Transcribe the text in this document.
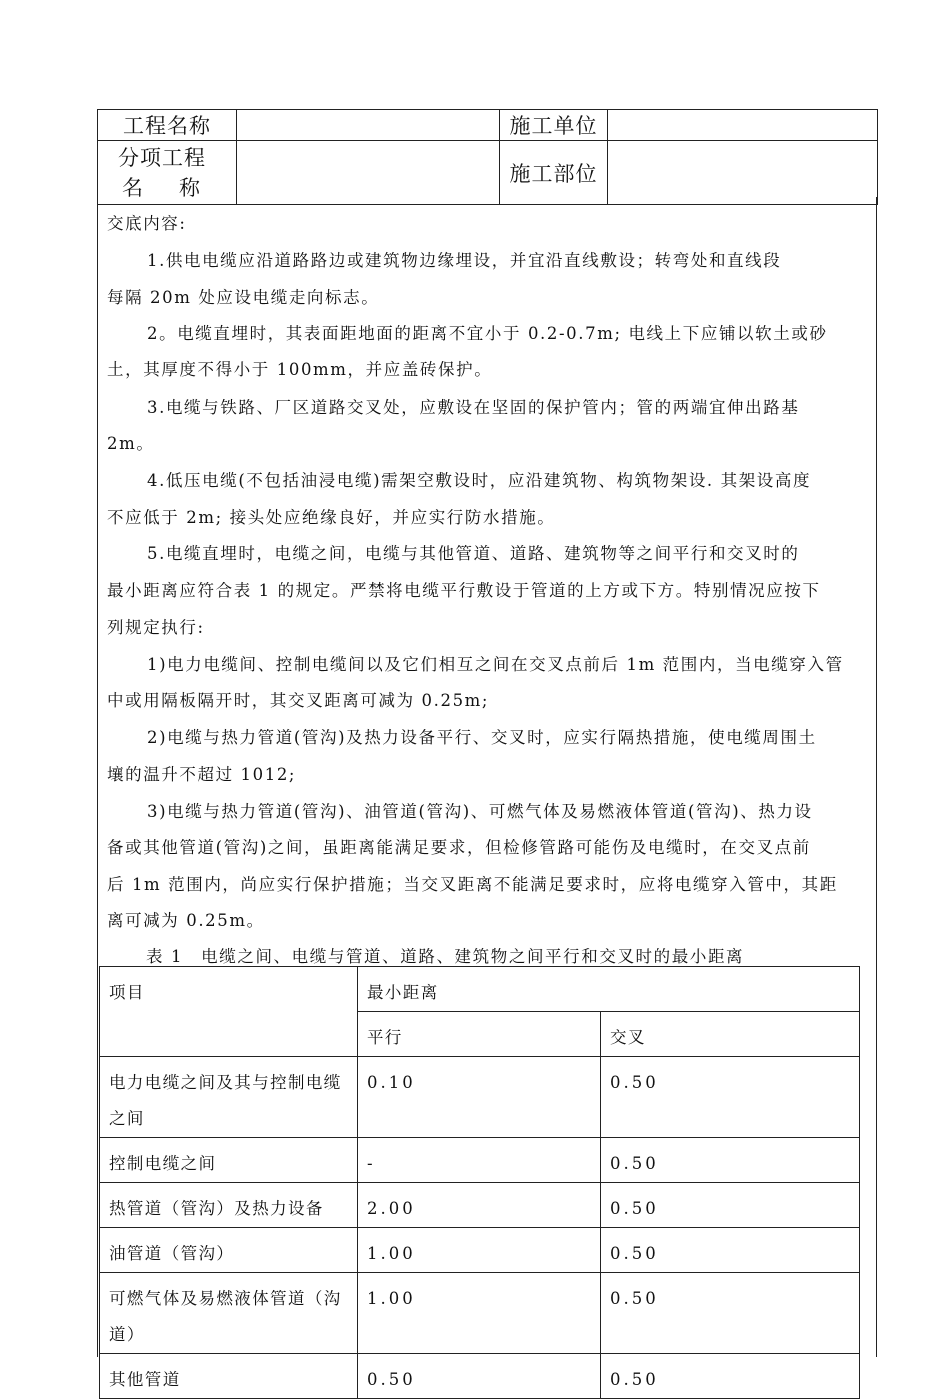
工程名称		施工单位	

分项工程
名称		施工部位	
交底内容:
1.供电电缆应沿道路路边或建筑物边缘埋设，并宜沿直线敷设；转弯处和直线段
每隔 20m 处应设电缆走向标志。
2。电缆直埋时，其表面距地面的距离不宜小于 0.2-0.7m; 电线上下应铺以软土或砂
土，其厚度不得小于 100mm，并应盖砖保护。
3.电缆与铁路、厂区道路交叉处，应敷设在坚固的保护管内；管的两端宜伸出路基
2m。
4.低压电缆(不包括油浸电缆)需架空敷设时，应沿建筑物、构筑物架设. 其架设高度
不应低于 2m; 接头处应绝缘良好，并应实行防水措施。
5.电缆直埋时，电缆之间，电缆与其他管道、道路、建筑物等之间平行和交叉时的
最小距离应符合表 1 的规定。严禁将电缆平行敷设于管道的上方或下方。特别情况应按下
列规定执行:
1)电力电缆间、控制电缆间以及它们相互之间在交叉点前后 1m 范围内，当电缆穿入管
中或用隔板隔开时，其交叉距离可减为 0.25m;
2)电缆与热力管道(管沟)及热力设备平行、交叉时，应实行隔热措施，使电缆周围土
壤的温升不超过 1012;
3)电缆与热力管道(管沟)、油管道(管沟)、可燃气体及易燃液体管道(管沟)、热力设
备或其他管道(管沟)之间，虽距离能满足要求，但检修管路可能伤及电缆时，在交叉点前
后 1m 范围内，尚应实行保护措施；当交叉距离不能满足要求时，应将电缆穿入管中，其距
离可减为 0.25m。
表 1　电缆之间、电缆与管道、道路、建筑物之间平行和交叉时的最小距离
项目	最小距离	
	平行	交叉
电力电缆之间及其与控制电缆之间	0.10	0.50
控制电缆之间	-	0.50
热管道（管沟）及热力设备	2.00	0.50
油管道（管沟）	1.00	0.50
可燃气体及易燃液体管道（沟道）	1.00	0.50
其他管道	0.50	0.50
